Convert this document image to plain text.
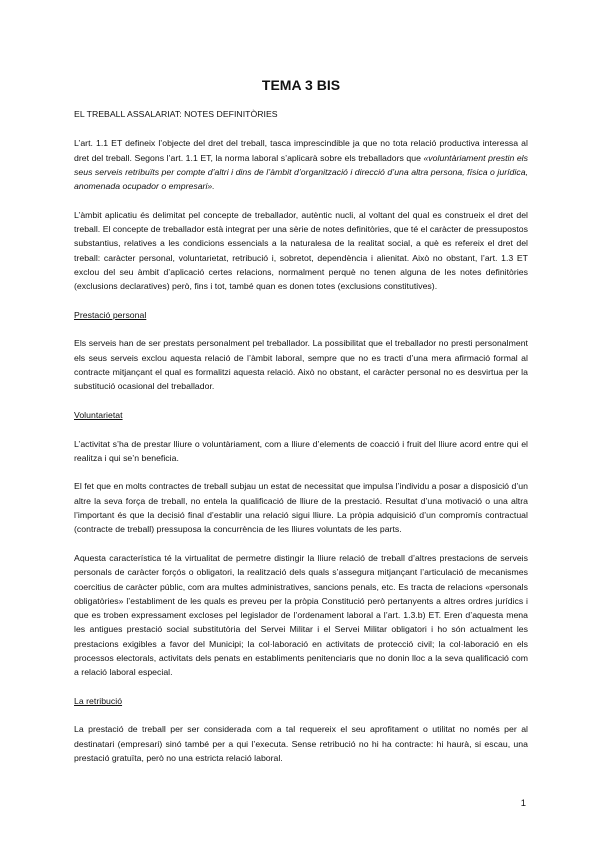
TEMA 3 BIS
EL TREBALL ASSALARIAT: NOTES DEFINITÒRIES

L’art. 1.1 ET defineix l’objecte del dret del treball, tasca imprescindible ja que no tota relació productiva interessa al dret del treball. Segons l’art. 1.1 ET, la norma laboral s’aplicarà sobre els treballadors que «voluntàriament prestin els seus serveis retribuïts per compte d’altri i dins de l’àmbit d’organització i direcció d’una altra persona, física o jurídica, anomenada ocupador o empresari».

L’àmbit aplicatiu és delimitat pel concepte de treballador, autèntic nucli, al voltant del qual es construeix el dret del treball. El concepte de treballador està integrat per una sèrie de notes definitòries, que té el caràcter de pressupostos substantius, relatives a les condicions essencials a la naturalesa de la realitat social, a què es refereix el dret del treball: caràcter personal, voluntarietat, retribució i, sobretot, dependència i alienitat. Això no obstant, l’art. 1.3 ET exclou del seu àmbit d’aplicació certes relacions, normalment perquè no tenen alguna de les notes definitòries (exclusions declaratives) però, fins i tot, també quan es donen totes (exclusions constitutives).

Prestació personal

Els serveis han de ser prestats personalment pel treballador. La possibilitat que el treballador no presti personalment els seus serveis exclou aquesta relació de l’àmbit laboral, sempre que no es tracti d’una mera afirmació formal al contracte mitjançant el qual es formalitzi aquesta relació. Això no obstant, el caràcter personal no es desvirtua per la substitució ocasional del treballador.

Voluntarietat

L’activitat s’ha de prestar lliure o voluntàriament, com a lliure d’elements de coacció i fruit del lliure acord entre qui el realitza i qui se’n beneficia.

El fet que en molts contractes de treball subjau un estat de necessitat que impulsa l’individu a posar a disposició d’un altre la seva força de treball, no entela la qualificació de lliure de la prestació. Resultat d’una motivació o una altra l’important és que la decisió final d’establir una relació sigui lliure. La pròpia adquisició d’un compromís contractual (contracte de treball) pressuposa la concurrència de les lliures voluntats de les parts.

Aquesta característica té la virtualitat de permetre distingir la lliure relació de treball d’altres prestacions de serveis personals de caràcter forçós o obligatori, la realització dels quals s’assegura mitjançant l’articulació de mecanismes coercitius de caràcter públic, com ara multes administratives, sancions penals, etc. Es tracta de relacions «personals obligatòries» l’establiment de les quals es preveu per la pròpia Constitució però pertanyents a altres ordres jurídics i que es troben expressament excloses pel legislador de l’ordenament laboral a l’art. 1.3.b) ET. Eren d’aquesta mena les antigues prestació social substitutòria del Servei Militar i el Servei Militar obligatori i ho són actualment les prestacions exigibles a favor del Municipi; la col·laboració en activitats de protecció civil; la col·laboració en els processos electorals, activitats dels penats en establiments penitenciaris que no donin lloc a la seva qualificació com a relació laboral especial.

La retribució

La prestació de treball per ser considerada com a tal requereix el seu aprofitament o utilitat no només per al destinatari (empresari) sinó també per a qui l’executa. Sense retribució no hi ha contracte: hi haurà, si escau, una prestació gratuïta, però no una estricta relació laboral.

1
